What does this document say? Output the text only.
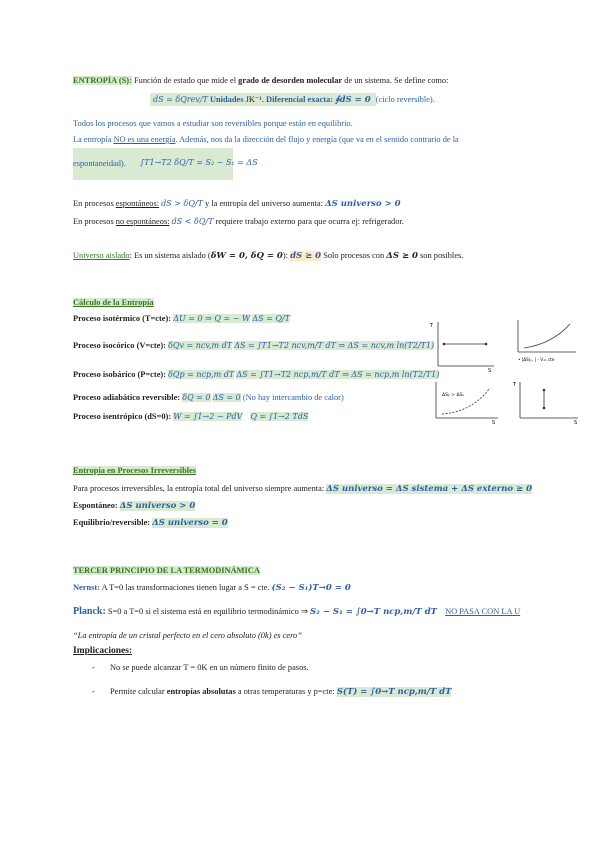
ENTROPÍA (S): Función de estado que mide el grado de desorden molecular de un sistema. Se define como:
dS = δQrev/T Unidades JK⁻¹. Diferencial exacta: ∮dS = 0 (ciclo reversible).
Todos los procesos que vamos a estudiar son reversibles porque están en equilibrio.
La entropía NO es una energía. Además, nos da la dirección del flujo y energía (que va en el sentido contrario de la
espontaneidad). ∫T1→T2 δQ/T = S₂ − S₁ = ΔS
En procesos espontáneos: dS > δQ/T y la entropía del universo aumenta: ΔS universo > 0
En procesos no espontáneos: dS < δQ/T requiere trabajo externo para que ocurra ej: refrigerador.
Universo aislado: Es un sistema aislado (δW = 0, δQ = 0): dS ≥ 0 Solo procesos con ΔS ≥ 0 son posibles.
Cálculo de la Entropía
Proceso isotérmico (T=cte): ΔU = 0 ⇒ Q = − W ΔS = Q/T
Proceso isocórico (V=cte): δQv = ncv,m dT ΔS = ∫T1→T2 ncv,m/T dT ⇒ ΔS = ncv,m ln(T2/T1)
Proceso isobárico (P=cte): δQp = ncp,m dT ΔS = ∫T1→T2 ncp,m/T dT ⇒ ΔS = ncp,m ln(T2/T1)
Proceso adiabático reversible: δQ = 0 ΔS = 0 (No hay intercambio de calor)
Proceso isentrópico (dS=0): W = ∫1→2 − PdV Q = ∫1→2 TdS
T
S
• |ΔS|ₓ, | - V= cte
ΔSₚ > ΔSᵥ
S
T
S
Entropía en Procesos Irreversibles
Para procesos irreversibles, la entropía total del universo siempre aumenta: ΔS universo = ΔS sistema + ΔS externo ≥ 0
Espontáneo: ΔS universo > 0
Equilibrio/reversible: ΔS universo = 0
TERCER PRINCIPIO DE LA TERMODINÁMICA
Nernst: A T=0 las transformaciones tienen lugar a S = cte. (S₂ − S₁)T→0 = 0
Planck: S=0 a T=0 si el sistema está en equilibrio termodinámico ⇒ S₂ − S₁ = ∫0→T ncp,m/T dT NO PASA CON LA U
“La entropía de un cristal perfecto en el cero absoluto (0k) es cero”
Implicaciones:
- No se puede alcanzar T = 0K en un número finito de pasos.
- Permite calcular entropías absolutas a otras temperaturas y p=cte: S(T) = ∫0→T ncp,m/T dT
